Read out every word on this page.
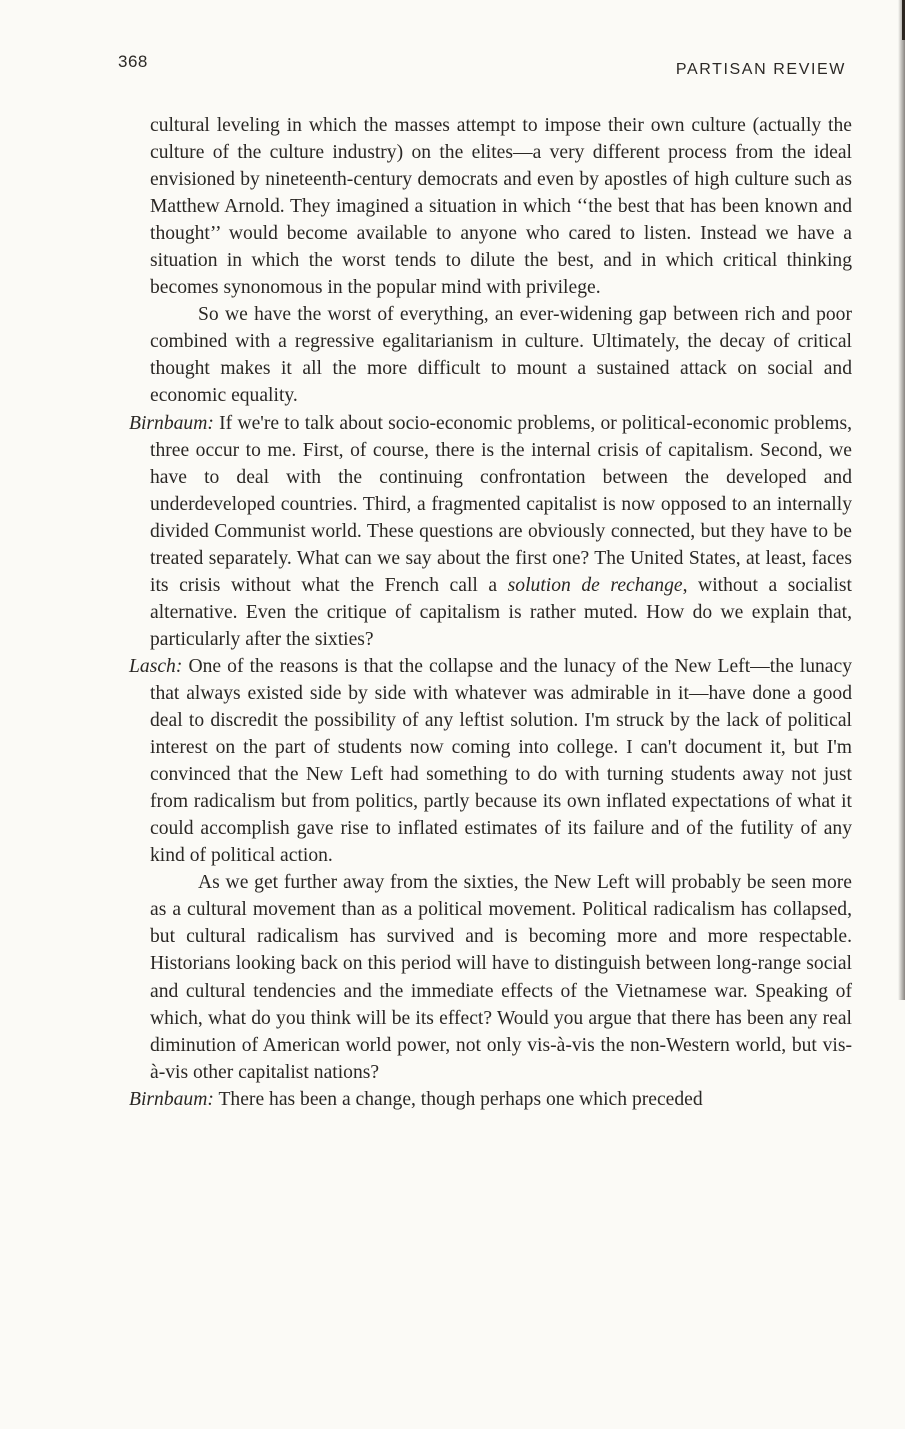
368	PARTISAN REVIEW

cultural leveling in which the masses attempt to impose their own culture (actually the culture of the culture industry) on the elites—a very different process from the ideal envisioned by nineteenth-century democrats and even by apostles of high culture such as Matthew Arnold. They imagined a situation in which ‘‘the best that has been known and thought’’ would become available to anyone who cared to listen. Instead we have a situation in which the worst tends to dilute the best, and in which critical thinking becomes synonomous in the popular mind with privilege.

So we have the worst of everything, an ever-widening gap between rich and poor combined with a regressive egalitarianism in culture. Ultimately, the decay of critical thought makes it all the more difficult to mount a sustained attack on social and economic equality.

Birnbaum: If we're to talk about socio-economic problems, or political-economic problems, three occur to me. First, of course, there is the internal crisis of capitalism. Second, we have to deal with the continuing confrontation between the developed and underdeveloped countries. Third, a fragmented capitalist is now opposed to an internally divided Communist world. These questions are obviously connected, but they have to be treated separately. What can we say about the first one? The United States, at least, faces its crisis without what the French call a solution de rechange, without a socialist alternative. Even the critique of capitalism is rather muted. How do we explain that, particularly after the sixties?

Lasch: One of the reasons is that the collapse and the lunacy of the New Left—the lunacy that always existed side by side with whatever was admirable in it—have done a good deal to discredit the possibility of any leftist solution. I'm struck by the lack of political interest on the part of students now coming into college. I can't document it, but I'm convinced that the New Left had something to do with turning students away not just from radicalism but from politics, partly because its own inflated expectations of what it could accomplish gave rise to inflated estimates of its failure and of the futility of any kind of political action.

As we get further away from the sixties, the New Left will probably be seen more as a cultural movement than as a political movement. Political radicalism has collapsed, but cultural radicalism has survived and is becoming more and more respectable. Historians looking back on this period will have to distinguish between long-range social and cultural tendencies and the immediate effects of the Vietnamese war. Speaking of which, what do you think will be its effect? Would you argue that there has been any real diminution of American world power, not only vis-à-vis the non-Western world, but vis-à-vis other capitalist nations?

Birnbaum: There has been a change, though perhaps one which preceded
